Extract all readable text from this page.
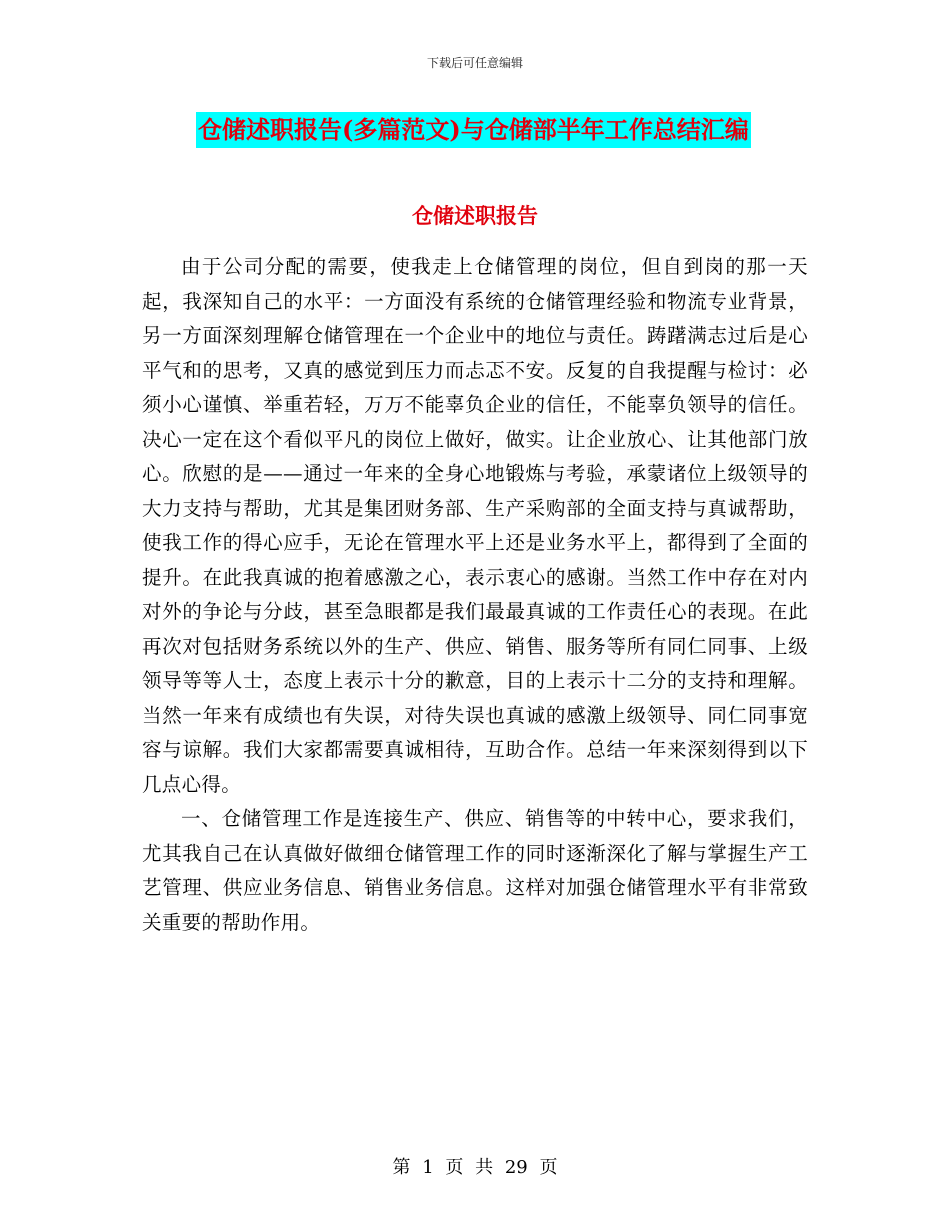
下载后可任意编辑
仓储述职报告(多篇范文)与仓储部半年工作总结汇编
仓储述职报告

由于公司分配的需要，使我走上仓储管理的岗位，但自到岗的那一天起，我深知自己的水平：一方面没有系统的仓储管理经验和物流专业背景，另一方面深刻理解仓储管理在一个企业中的地位与责任。踌躇满志过后是心平气和的思考，又真的感觉到压力而忐忑不安。反复的自我提醒与检讨：必须小心谨慎、举重若轻，万万不能辜负企业的信任，不能辜负领导的信任。决心一定在这个看似平凡的岗位上做好，做实。让企业放心、让其他部门放心。欣慰的是——通过一年来的全身心地锻炼与考验，承蒙诸位上级领导的大力支持与帮助，尤其是集团财务部、生产采购部的全面支持与真诚帮助，使我工作的得心应手，无论在管理水平上还是业务水平上，都得到了全面的提升。在此我真诚的抱着感激之心，表示衷心的感谢。当然工作中存在对内对外的争论与分歧，甚至急眼都是我们最最真诚的工作责任心的表现。在此再次对包括财务系统以外的生产、供应、销售、服务等所有同仁同事、上级领导等等人士，态度上表示十分的歉意，目的上表示十二分的支持和理解。当然一年来有成绩也有失误，对待失误也真诚的感激上级领导、同仁同事宽容与谅解。我们大家都需要真诚相待，互助合作。总结一年来深刻得到以下几点心得。

一、仓储管理工作是连接生产、供应、销售等的中转中心，要求我们，尤其我自己在认真做好做细仓储管理工作的同时逐渐深化了解与掌握生产工艺管理、供应业务信息、销售业务信息。这样对加强仓储管理水平有非常致关重要的帮助作用。

第 1 页 共 29 页
